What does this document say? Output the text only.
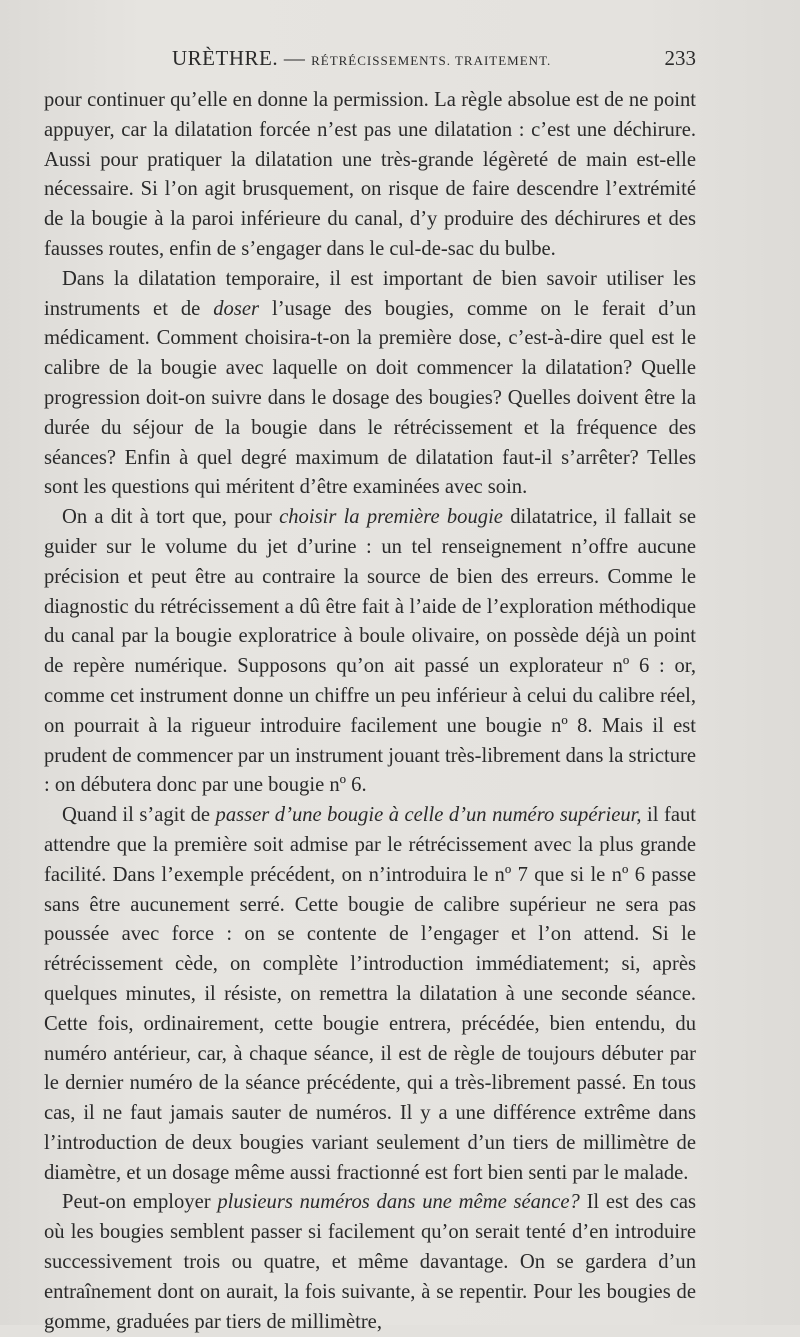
URÈTHRE. — RÉTRÉCISSEMENTS. TRAITEMENT.	233

pour continuer qu’elle en donne la permission. La règle absolue est de ne point appuyer, car la dilatation forcée n’est pas une dilatation : c’est une déchirure. Aussi pour pratiquer la dilatation une très-grande légèreté de main est-elle nécessaire. Si l’on agit brusquement, on risque de faire descendre l’extrémité de la bougie à la paroi inférieure du canal, d’y produire des déchirures et des fausses routes, enfin de s’engager dans le cul-de-sac du bulbe.

Dans la dilatation temporaire, il est important de bien savoir utiliser les instruments et de doser l’usage des bougies, comme on le ferait d’un médicament. Comment choisira-t-on la première dose, c’est-à-dire quel est le calibre de la bougie avec laquelle on doit commencer la dilatation? Quelle progression doit-on suivre dans le dosage des bougies? Quelles doivent être la durée du séjour de la bougie dans le rétrécissement et la fréquence des séances? Enfin à quel degré maximum de dilatation faut-il s’arrêter? Telles sont les questions qui méritent d’être examinées avec soin.

On a dit à tort que, pour choisir la première bougie dilatatrice, il fallait se guider sur le volume du jet d’urine : un tel renseignement n’offre aucune précision et peut être au contraire la source de bien des erreurs. Comme le diagnostic du rétrécissement a dû être fait à l’aide de l’exploration méthodique du canal par la bougie exploratrice à boule olivaire, on possède déjà un point de repère numérique. Supposons qu’on ait passé un explorateur nº 6 : or, comme cet instrument donne un chiffre un peu inférieur à celui du calibre réel, on pourrait à la rigueur introduire facilement une bougie nº 8. Mais il est prudent de commencer par un instrument jouant très-librement dans la stricture : on débutera donc par une bougie nº 6.

Quand il s’agit de passer d’une bougie à celle d’un numéro supérieur, il faut attendre que la première soit admise par le rétrécissement avec la plus grande facilité. Dans l’exemple précédent, on n’introduira le nº 7 que si le nº 6 passe sans être aucunement serré. Cette bougie de calibre supérieur ne sera pas poussée avec force : on se contente de l’engager et l’on attend. Si le rétrécissement cède, on complète l’introduction immédiatement; si, après quelques minutes, il résiste, on remettra la dilatation à une seconde séance. Cette fois, ordinairement, cette bougie entrera, précédée, bien entendu, du numéro antérieur, car, à chaque séance, il est de règle de toujours débuter par le dernier numéro de la séance précédente, qui a très-librement passé. En tous cas, il ne faut jamais sauter de numéros. Il y a une différence extrême dans l’introduction de deux bougies variant seulement d’un tiers de millimètre de diamètre, et un dosage même aussi fractionné est fort bien senti par le malade.

Peut-on employer plusieurs numéros dans une même séance? Il est des cas où les bougies semblent passer si facilement qu’on serait tenté d’en introduire successivement trois ou quatre, et même davantage. On se gardera d’un entraînement dont on aurait, la fois suivante, à se repentir. Pour les bougies de gomme, graduées par tiers de millimètre,
